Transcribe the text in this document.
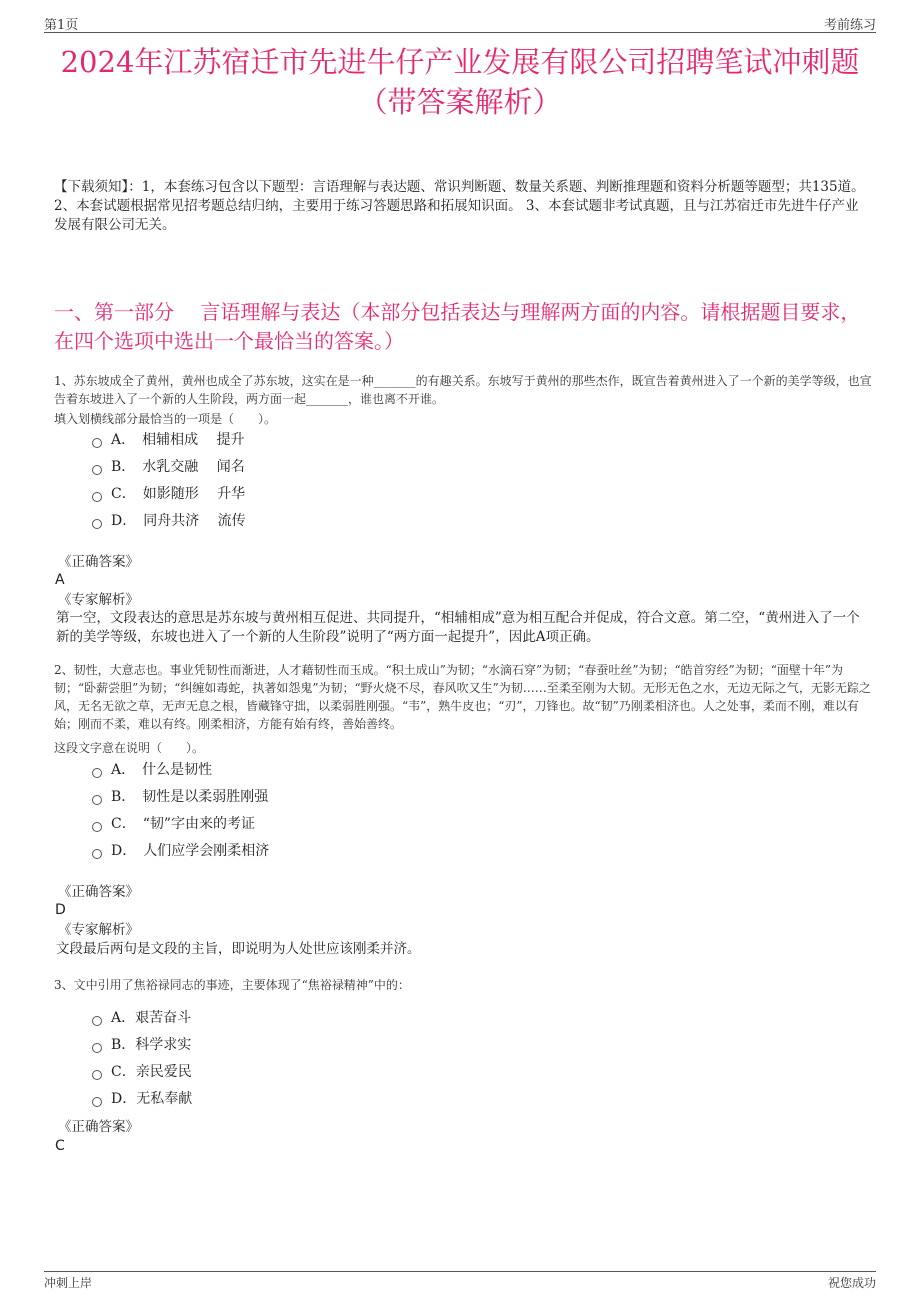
第1页	考前练习
2024年江苏宿迁市先进牛仔产业发展有限公司招聘笔试冲刺题
（带答案解析）
【下载须知】：1，本套练习包含以下题型：言语理解与表达题、常识判断题、数量关系题、判断推理题和资料分析题等题型；共135道。 2、本套试题根据常见招考题总结归纳，主要用于练习答题思路和拓展知识面。 3、本套试题非考试真题，且与江苏宿迁市先进牛仔产业发展有限公司无关。
一、第一部分　 言语理解与表达（本部分包括表达与理解两方面的内容。请根据题目要求，在四个选项中选出一个最恰当的答案。）
1、苏东坡成全了黄州，黄州也成全了苏东坡，这实在是一种_______的有趣关系。东坡写于黄州的那些杰作，既宣告着黄州进入了一个新的美学等级，也宣告着东坡进入了一个新的人生阶段，两方面一起_______，谁也离不开谁。
填入划横线部分最恰当的一项是（　　）。
A．　相辅相成　 提升
B．　水乳交融　 闻名
C．　如影随形　 升华
D．　同舟共济　 流传
《正确答案》
A
《专家解析》
第一空，文段表达的意思是苏东坡与黄州相互促进、共同提升，“相辅相成”意为相互配合并促成，符合文意。第二空，“黄州进入了一个新的美学等级，东坡也进入了一个新的人生阶段”说明了“两方面一起提升”，因此A项正确。
2、韧性，大意志也。事业凭韧性而渐进，人才藉韧性而玉成。“积土成山”为韧；“水滴石穿”为韧；“春蚕吐丝”为韧；“皓首穷经”为韧；“面壁十年”为韧；“卧薪尝胆”为韧；“纠缠如毒蛇，执著如怨鬼”为韧；“野火烧不尽，春风吹又生”为韧……至柔至刚为大韧。无形无色之水，无边无际之气，无影无踪之风，无名无欲之草，无声无息之根，皆藏锋守拙，以柔弱胜刚强。“韦”，熟牛皮也；“刃”，刀锋也。故“韧”乃刚柔相济也。人之处事，柔而不刚，难以有始；刚而不柔，难以有终。刚柔相济，方能有始有终，善始善终。
这段文字意在说明（　　）。
A．　什么是韧性
B．　韧性是以柔弱胜刚强
C．　“韧”字由来的考证
D．　人们应学会刚柔相济
《正确答案》
D
《专家解析》
文段最后两句是文段的主旨，即说明为人处世应该刚柔并济。
3、文中引用了焦裕禄同志的事迹，主要体现了“焦裕禄精神”中的：
A．艰苦奋斗
B．科学求实
C．亲民爱民
D．无私奉献
《正确答案》
C
冲刺上岸	祝您成功
